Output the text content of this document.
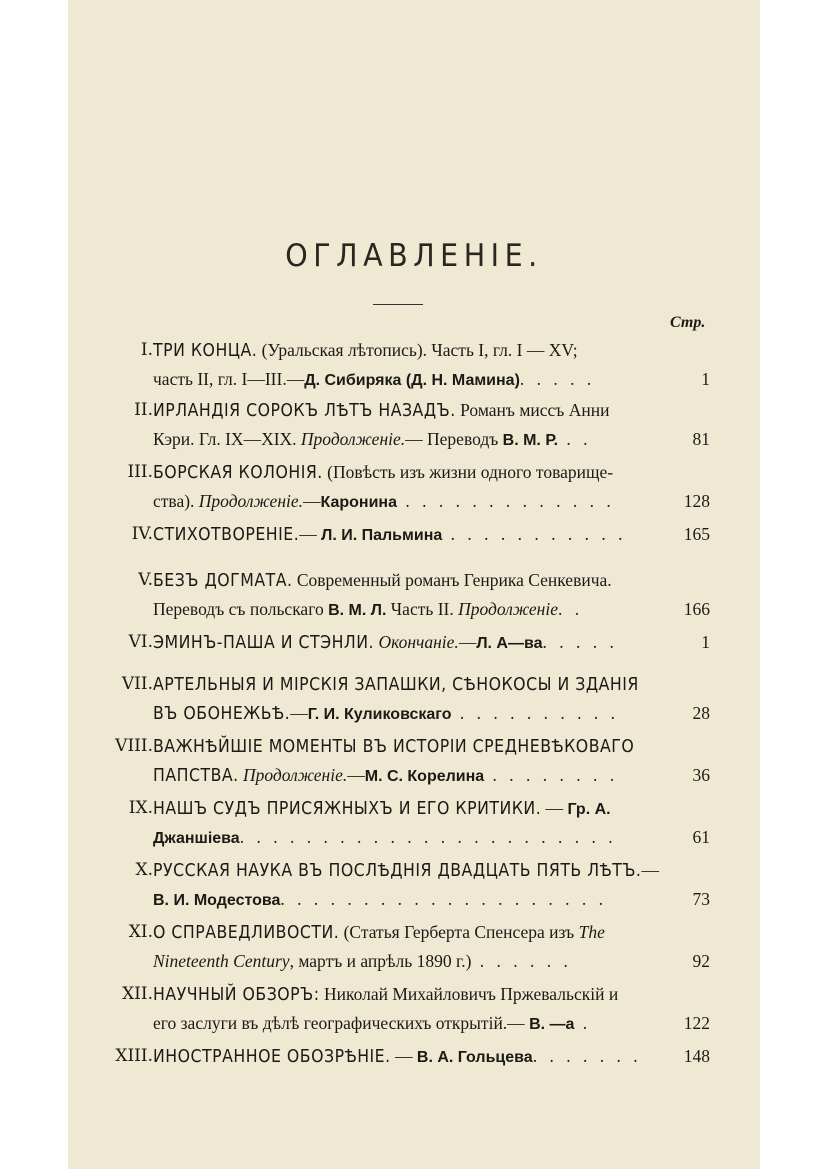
ОГЛАВЛЕНІЕ.
Стр.
I. ТРИ КОНЦА. (Уральская лѣтопись). Часть I, гл. I — XV;
часть II, гл. I—III.—Д. Сибиряка (Д. Н. Мамина). . . . .	1
II. ИРЛАНДІЯ СОРОКЪ ЛѢТЪ НАЗАДЪ. Романъ миссъ Анни
Кэри. Гл. IX—XIX. Продолженіе.— Переводъ В. М. Р. . .	81
III. БОРСКАЯ КОЛОНІЯ. (Повѣсть изъ жизни одного товарище-
ства). Продолженіе.—Каронина . . . . . . . . . . . . .	128
IV. СТИХОТВОРЕНІЕ.— Л. И. Пальмина . . . . . . . . . . .	165
V. БЕЗЪ ДОГМАТА. Современный романъ Генрика Сенкевича.
Переводъ съ польскаго В. М. Л. Часть II. Продолженіе. .	166
VI. ЭМИНЪ-ПАША И СТЭНЛИ. Окончаніе.—Л. А—ва. . . . .	1
VII. АРТЕЛЬНЫЯ И МІРСКІЯ ЗАПАШКИ, СѢНОКОСЫ И ЗДАНІЯ
ВЪ ОБОНЕЖЬѢ.—Г. И. Куликовскаго . . . . . . . . . .	28
VIII. ВАЖНѢЙШІЕ МОМЕНТЫ ВЪ ИСТОРІИ СРЕДНЕВѢКОВАГО
ПАПСТВА. Продолженіе.—М. С. Корелина . . . . . . . .	36
IX. НАШЪ СУДЪ ПРИСЯЖНЫХЪ И ЕГО КРИТИКИ. — Гр. А.
Джаншіева. . . . . . . . . . . . . . . . . . . . . . .	61
X. РУССКАЯ НАУКА ВЪ ПОСЛѢДНІЯ ДВАДЦАТЬ ПЯТЬ ЛѢТЪ.—
В. И. Модестова. . . . . . . . . . . . . . . . . . . .	73
XI. О СПРАВЕДЛИВОСТИ. (Статья Герберта Спенсера изъ The
Nineteenth Century, мартъ и апрѣль 1890 г.) . . . . . .	92
XII. НАУЧНЫЙ ОБЗОРЪ: Николай Михайловичъ Пржевальскій и
его заслуги въ дѣлѣ географическихъ открытій.— В. —а .	122
XIII. ИНОСТРАННОЕ ОБОЗРѢНІЕ. — В. А. Гольцева. . . . . . . 148
